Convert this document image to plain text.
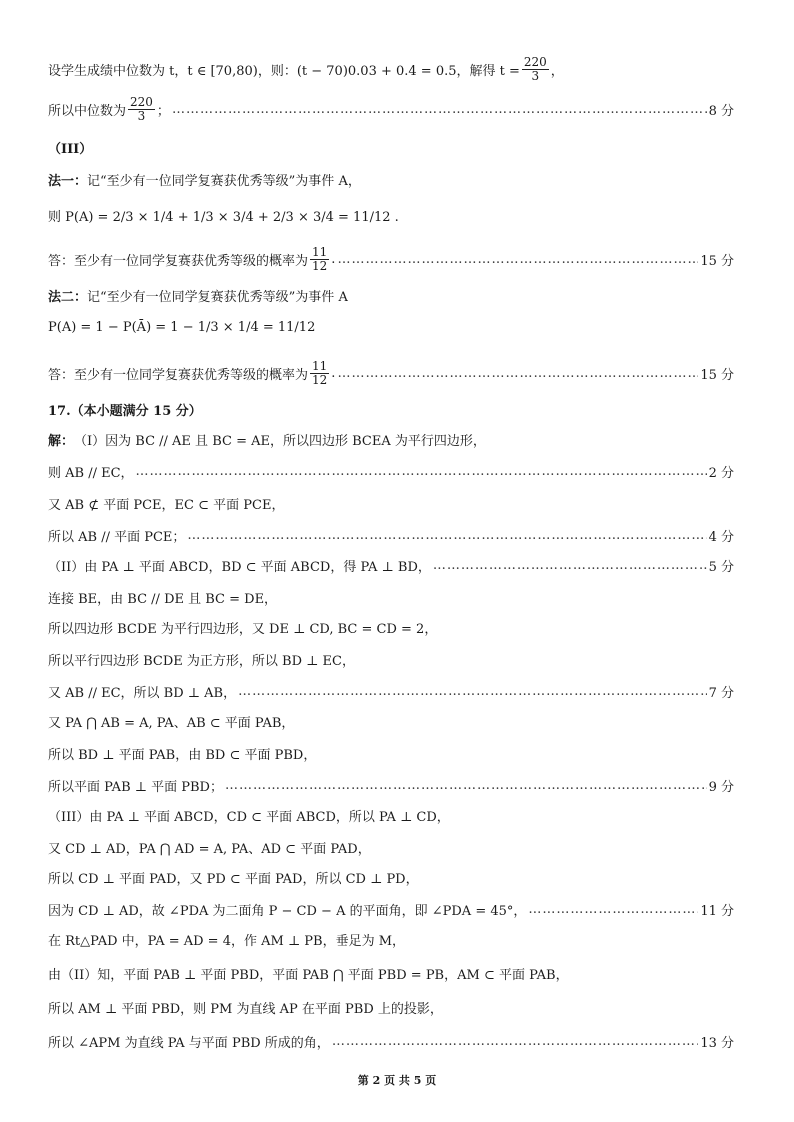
设学生成绩中位数为 t，t ∈ [70,80)，则：(t − 70)0.03 + 0.4 = 0.5，解得 $t = \frac{220}{3}$ ，
所以中位数为 $\frac{220}{3}$ ； ……………………………………………………………………………………………………………………………………………………………………………………………………	8 分
（III）
法一： 记“至少有一位同学复赛获优秀等级”为事件 A，
则 P(A) = 2/3 × 1/4 + 1/3 × 3/4 + 2/3 × 3/4 = 11/12 .
答：至少有一位同学复赛获优秀等级的概率为 $\frac{11}{12}$ . ……………………………………………………………………………………………………………………………………………………………………………………………………	15 分
法二： 记“至少有一位同学复赛获优秀等级”为事件 A
P(A) = 1 − P(Ā) = 1 − 1/3 × 1/4 = 11/12
答：至少有一位同学复赛获优秀等级的概率为 $\frac{11}{12}$ . ……………………………………………………………………………………………………………………………………………………………………………………………………	15 分
17.（本小题满分 15 分）
解： （I）因为 BC // AE 且 BC = AE，所以四边形 BCEA 为平行四边形，
则 AB // EC， ……………………………………………………………………………………………………………………………………………………………………………………………………	2 分
又 AB ⊄ 平面 PCE，EC ⊂ 平面 PCE，
所以 AB // 平面 PCE； ……………………………………………………………………………………………………………………………………………………………………………………………………	4 分
（II）由 PA ⊥ 平面 ABCD，BD ⊂ 平面 ABCD，得 PA ⊥ BD， ……………………………………………………………………………………………………………………………………………………………………………………………………	5 分
连接 BE，由 BC // DE 且 BC = DE，
所以四边形 BCDE 为平行四边形，又 DE ⊥ CD, BC = CD = 2，
所以平行四边形 BCDE 为正方形，所以 BD ⊥ EC，
又 AB // EC，所以 BD ⊥ AB， ……………………………………………………………………………………………………………………………………………………………………………………………………	7 分
又 PA ⋂ AB = A, PA、AB ⊂ 平面 PAB，
所以 BD ⊥ 平面 PAB，由 BD ⊂ 平面 PBD，
所以平面 PAB ⊥ 平面 PBD； ……………………………………………………………………………………………………………………………………………………………………………………………………	9 分
（III）由 PA ⊥ 平面 ABCD，CD ⊂ 平面 ABCD，所以 PA ⊥ CD，
又 CD ⊥ AD，PA ⋂ AD = A, PA、AD ⊂ 平面 PAD，
所以 CD ⊥ 平面 PAD，又 PD ⊂ 平面 PAD，所以 CD ⊥ PD，
因为 CD ⊥ AD，故 ∠PDA 为二面角 P − CD − A 的平面角，即 ∠PDA = 45°， ……………………………………………………………………………………………………………………………………………………………………………………………………	11 分
在 Rt△PAD 中，PA = AD = 4，作 AM ⊥ PB，垂足为 M，
由（II）知，平面 PAB ⊥ 平面 PBD，平面 PAB ⋂ 平面 PBD = PB，AM ⊂ 平面 PAB，
所以 AM ⊥ 平面 PBD，则 PM 为直线 AP 在平面 PBD 上的投影，
所以 ∠APM 为直线 PA 与平面 PBD 所成的角， ……………………………………………………………………………………………………………………………………………………………………………………………………	13 分
第 2 页 共 5 页
